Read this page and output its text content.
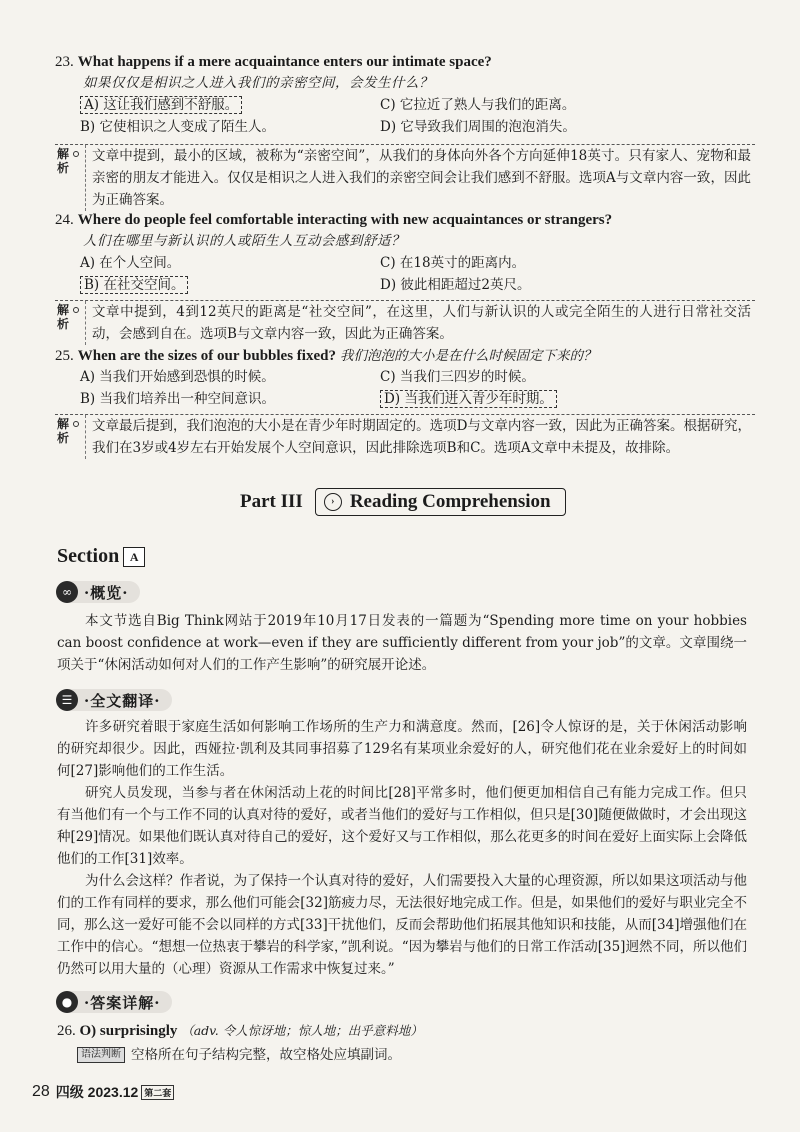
23. What happens if a mere acquaintance enters our intimate space?
如果仅仅是相识之人进入我们的亲密空间，会发生什么？
A) 这让我们感到不舒服。	C) 它拉近了熟人与我们的距离。
B) 它使相识之人变成了陌生人。	D) 它导致我们周围的泡泡消失。
解析
文章中提到，最小的区域，被称为“亲密空间”，从我们的身体向外各个方向延伸18英寸。只有家人、宠物和最亲密的朋友才能进入。仅仅是相识之人进入我们的亲密空间会让我们感到不舒服。选项A与文章内容一致，因此为正确答案。
24. Where do people feel comfortable interacting with new acquaintances or strangers?
人们在哪里与新认识的人或陌生人互动会感到舒适？
A) 在个人空间。	C) 在18英寸的距离内。
B) 在社交空间。	D) 彼此相距超过2英尺。
解析
文章中提到，4到12英尺的距离是“社交空间”，在这里，人们与新认识的人或完全陌生的人进行日常社交活动，会感到自在。选项B与文章内容一致，因此为正确答案。
25. When are the sizes of our bubbles fixed? 我们泡泡的大小是在什么时候固定下来的？
A) 当我们开始感到恐惧的时候。	C) 当我们三四岁的时候。
B) 当我们培养出一种空间意识。	D) 当我们进入青少年时期。
解析
文章最后提到，我们泡泡的大小是在青少年时期固定的。选项D与文章内容一致，因此为正确答案。根据研究，我们在3岁或4岁左右开始发展个人空间意识，因此排除选项B和C。选项A文章中未提及，故排除。
Part III	› Reading Comprehension
Section A
∞ ·概览·

本文节选自Big Think网站于2019年10月17日发表的一篇题为“Spending more time on your hobbies can boost confidence at work—even if they are sufficiently different from your job”的文章。文章围绕一项关于“休闲活动如何对人们的工作产生影响”的研究展开论述。

☰ ·全文翻译·

许多研究着眼于家庭生活如何影响工作场所的生产力和满意度。然而，[26]令人惊讶的是，关于休闲活动影响的研究却很少。因此，西娅拉·凯利及其同事招募了129名有某项业余爱好的人，研究他们花在业余爱好上的时间如何[27]影响他们的工作生活。

研究人员发现，当参与者在休闲活动上花的时间比[28]平常多时，他们便更加相信自己有能力完成工作。但只有当他们有一个与工作不同的认真对待的爱好，或者当他们的爱好与工作相似，但只是[30]随便做做时，才会出现这种[29]情况。如果他们既认真对待自己的爱好，这个爱好又与工作相似，那么花更多的时间在爱好上面实际上会降低他们的工作[31]效率。

为什么会这样？作者说，为了保持一个认真对待的爱好，人们需要投入大量的心理资源，所以如果这项活动与他们的工作有同样的要求，那么他们可能会[32]筋疲力尽，无法很好地完成工作。但是，如果他们的爱好与职业完全不同，那么这一爱好可能不会以同样的方式[33]干扰他们，反而会帮助他们拓展其他知识和技能，从而[34]增强他们在工作中的信心。“想想一位热衷于攀岩的科学家，”凯利说。“因为攀岩与他们的日常工作活动[35]迥然不同，所以他们仍然可以用大量的（心理）资源从工作需求中恢复过来。”

● ·答案详解·
26. O) surprisingly （adv. 令人惊讶地；惊人地；出乎意料地）
语法判断 空格所在句子结构完整，故空格处应填副词。
28 四级 2023.12 第二套
